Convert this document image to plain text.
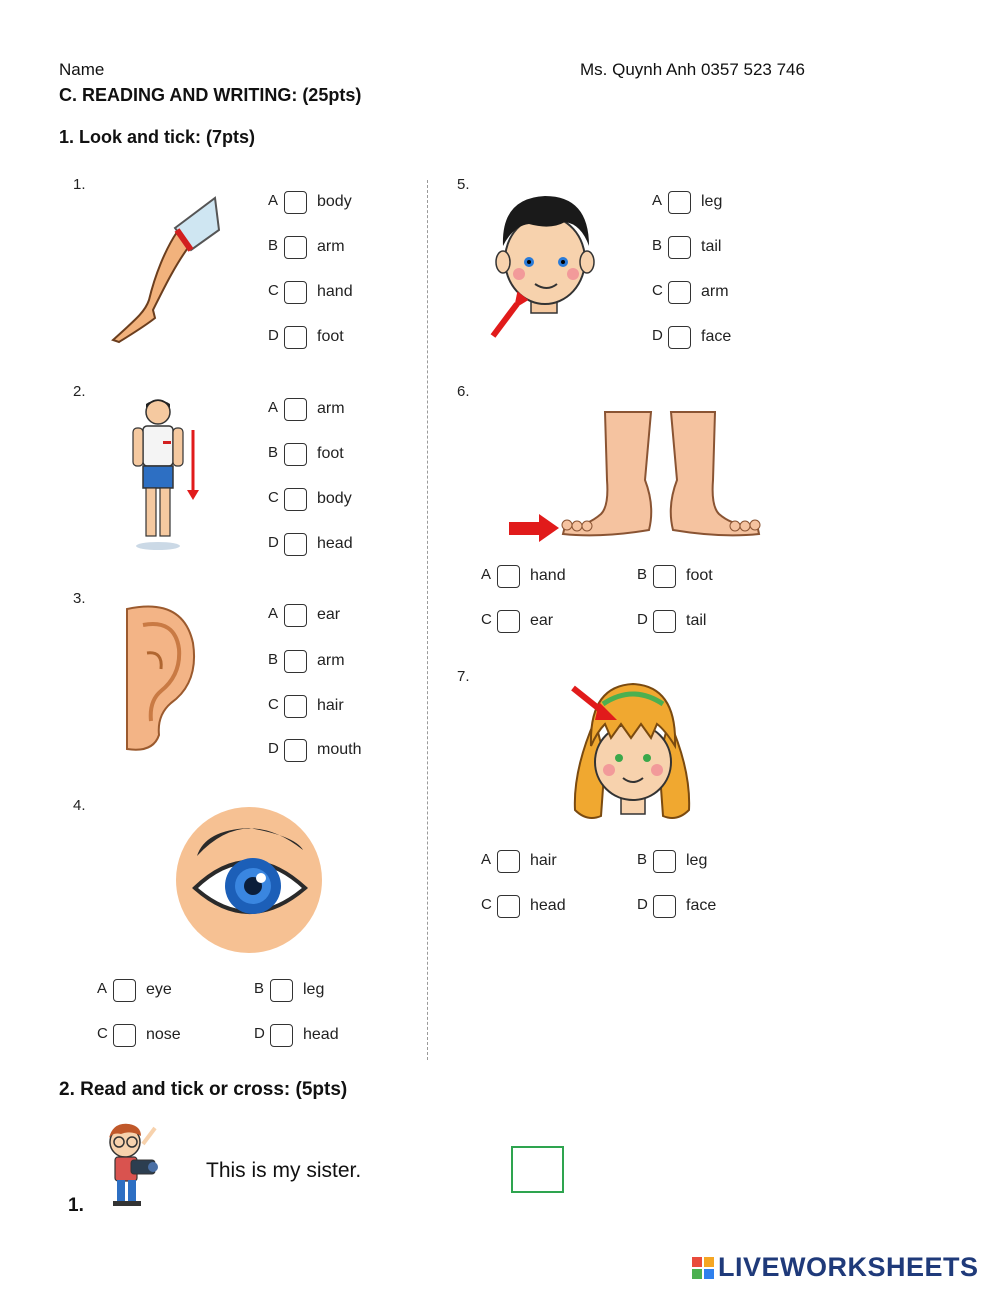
Name	Ms. Quynh Anh 0357 523 746
C. READING AND WRITING: (25pts)
1. Look and tick: (7pts)
1.
A	body
B	arm
C	hand
D	foot
2.
A	arm
B	foot
C	body
D	head
3.
A	ear
B	arm
C	hair
D	mouth
4.
A	eye	B	leg
C	nose	D	head
5.
A	leg
B	tail
C	arm
D	face
6.
A	hand	B	foot
C	ear	D	tail
7.
A	hair	B	leg
C	head	D	face
2. Read and tick or cross: (5pts)
1.
This is my sister.
LIVEWORKSHEETS
